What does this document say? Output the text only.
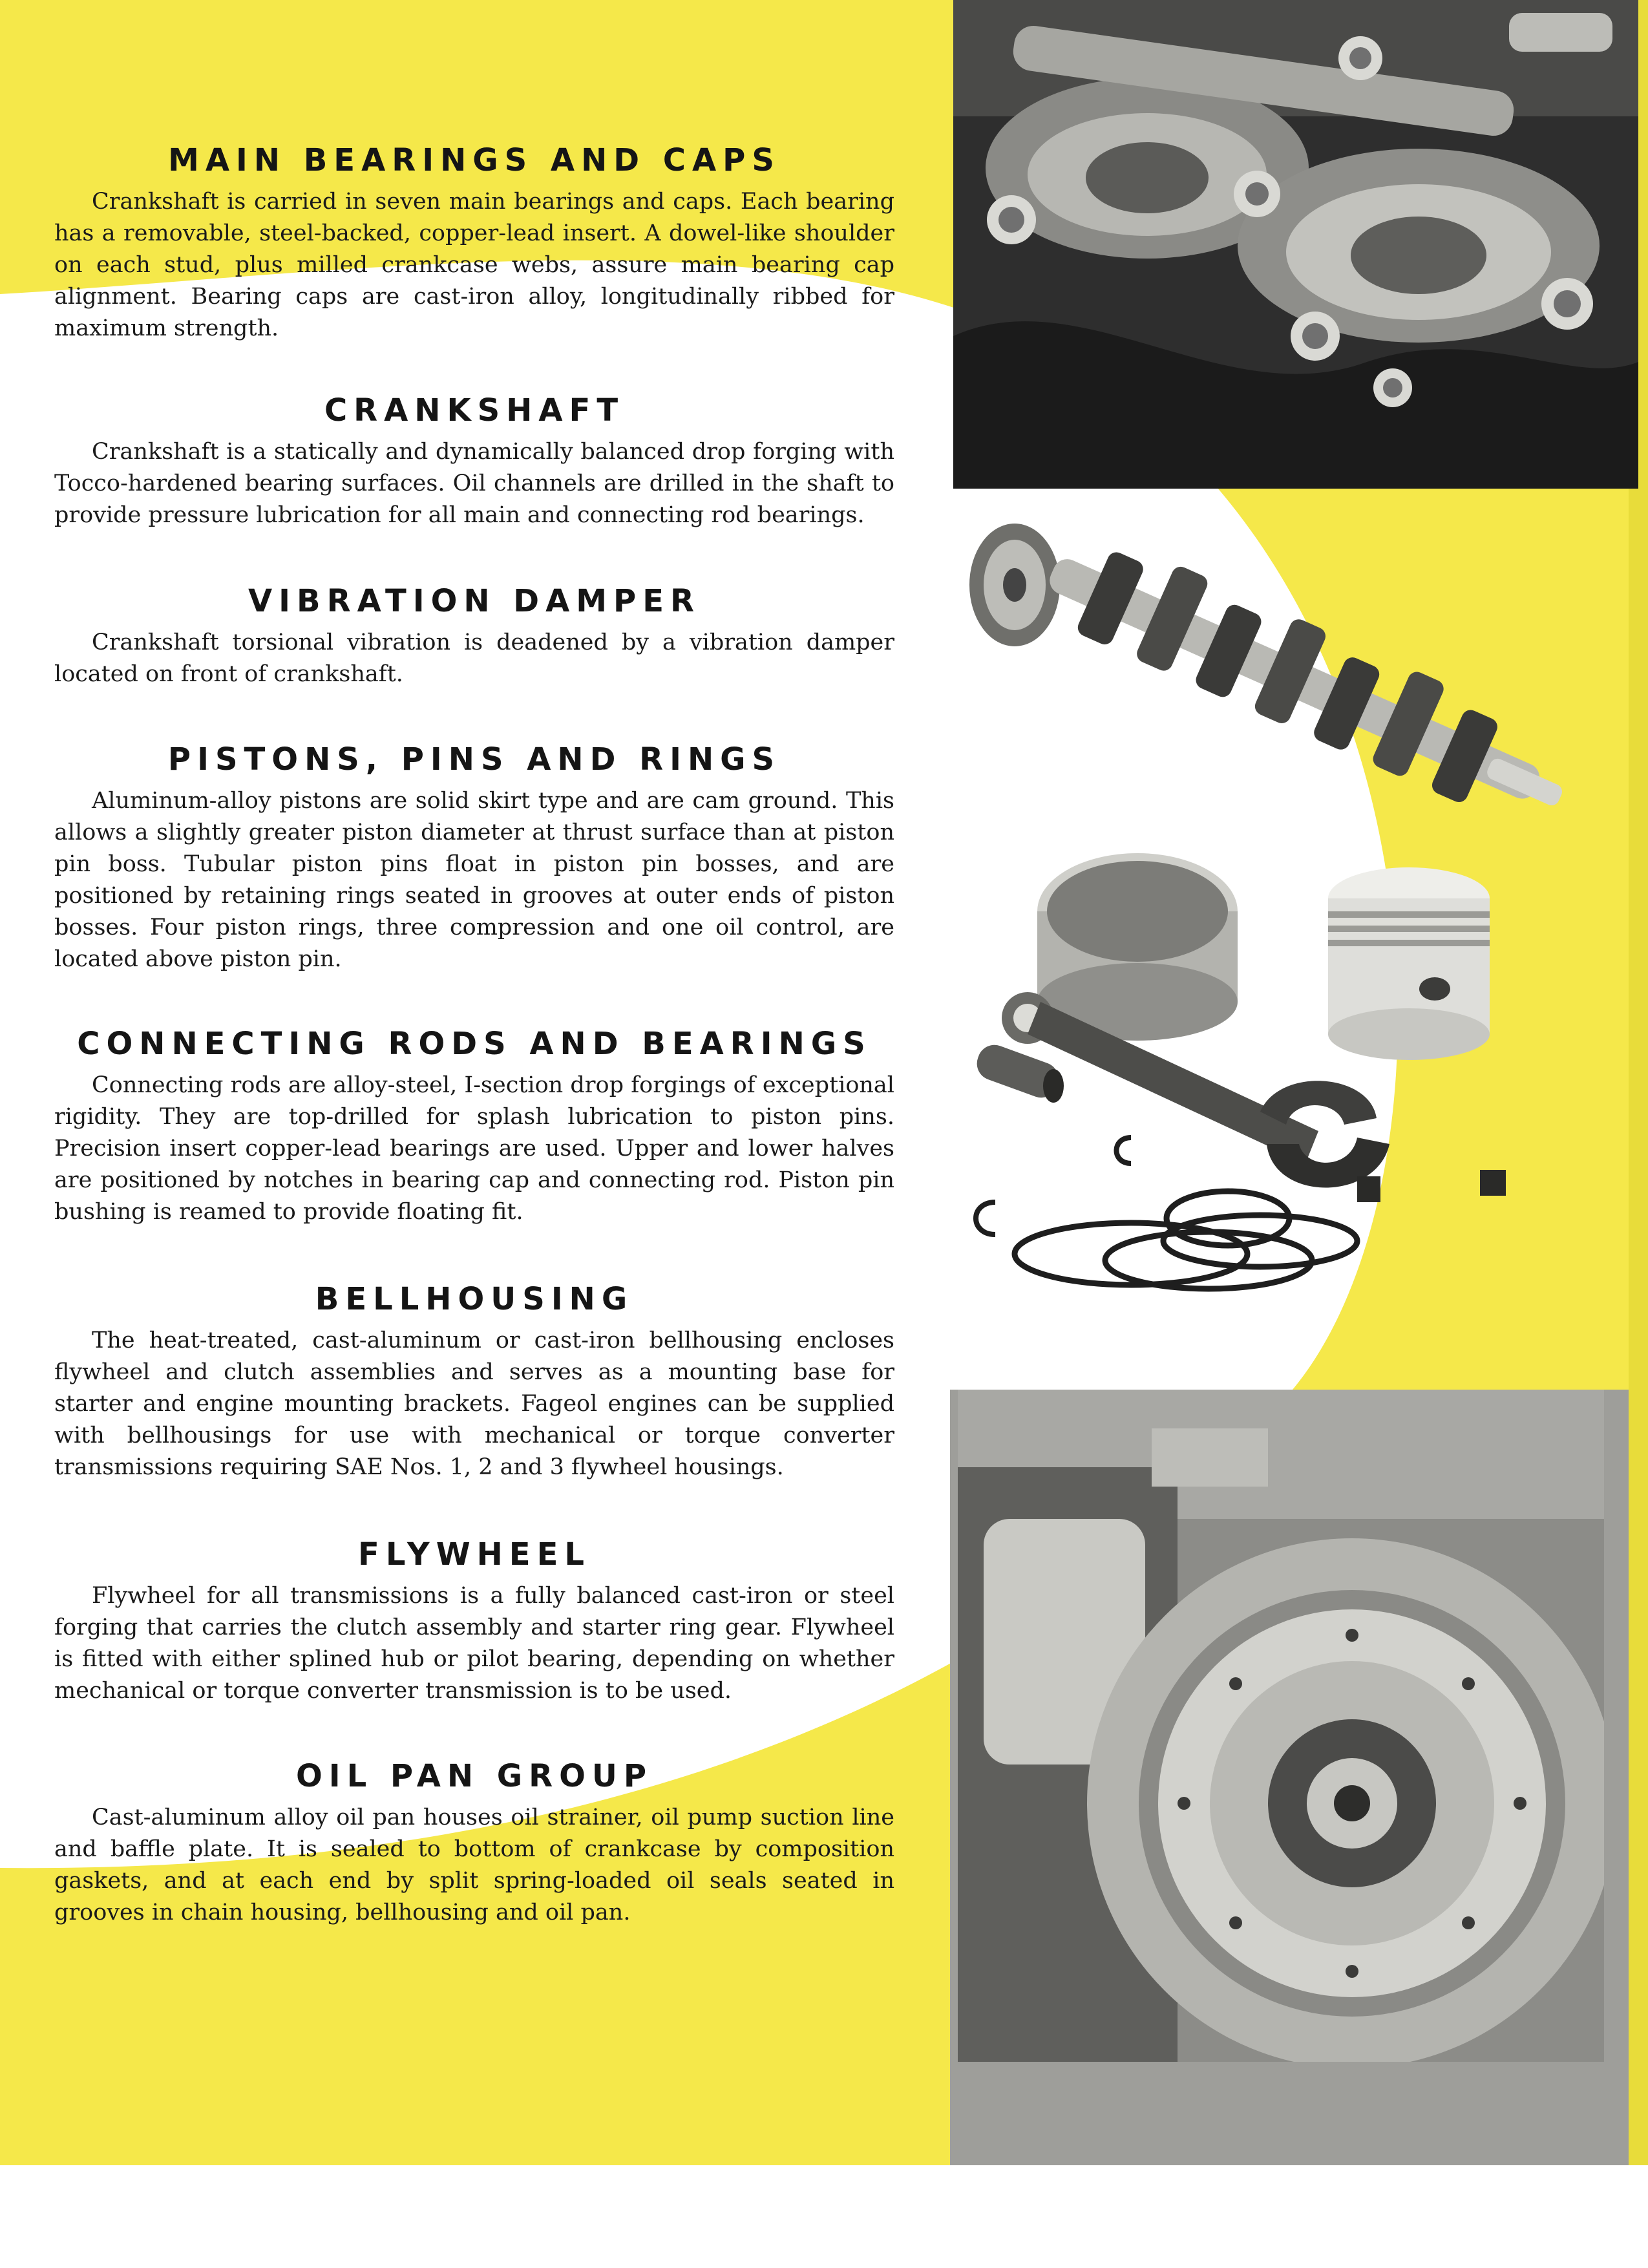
MAIN BEARINGS AND CAPS

Crankshaft is carried in seven main bearings and caps. Each bearing has a removable, steel-backed, copper-lead insert. A dowel-like shoulder on each stud, plus milled crankcase webs, assure main bearing cap alignment. Bearing caps are cast-iron alloy, longitudinally ribbed for maximum strength.

CRANKSHAFT

Crankshaft is a statically and dynamically balanced drop forging with Tocco-hardened bearing surfaces. Oil channels are drilled in the shaft to provide pressure lubrication for all main and connecting rod bearings.

VIBRATION DAMPER

Crankshaft torsional vibration is deadened by a vibration damper located on front of crankshaft.

PISTONS, PINS AND RINGS

Aluminum-alloy pistons are solid skirt type and are cam ground. This allows a slightly greater piston diameter at thrust surface than at piston pin boss. Tubular piston pins float in piston pin bosses, and are positioned by retaining rings seated in grooves at outer ends of piston bosses. Four piston rings, three compression and one oil control, are located above piston pin.

CONNECTING RODS AND BEARINGS

Connecting rods are alloy-steel, I-section drop forgings of exceptional rigidity. They are top-drilled for splash lubrication to piston pins. Precision insert copper-lead bearings are used. Upper and lower halves are positioned by notches in bearing cap and connecting rod. Piston pin bushing is reamed to provide floating fit.

BELLHOUSING

The heat-treated, cast-aluminum or cast-iron bellhousing encloses flywheel and clutch assemblies and serves as a mounting base for starter and engine mounting brackets. Fageol engines can be supplied with bellhousings for use with mechanical or torque converter transmissions requiring SAE Nos. 1, 2 and 3 flywheel housings.

FLYWHEEL

Flywheel for all transmissions is a fully balanced cast-iron or steel forging that carries the clutch assembly and starter ring gear. Flywheel is fitted with either splined hub or pilot bearing, depending on whether mechanical or torque converter transmission is to be used.

OIL PAN GROUP

Cast-aluminum alloy oil pan houses oil strainer, oil pump suction line and baffle plate. It is sealed to bottom of crankcase by composition gaskets, and at each end by split spring-loaded oil seals seated in grooves in chain housing, bellhousing and oil pan.
